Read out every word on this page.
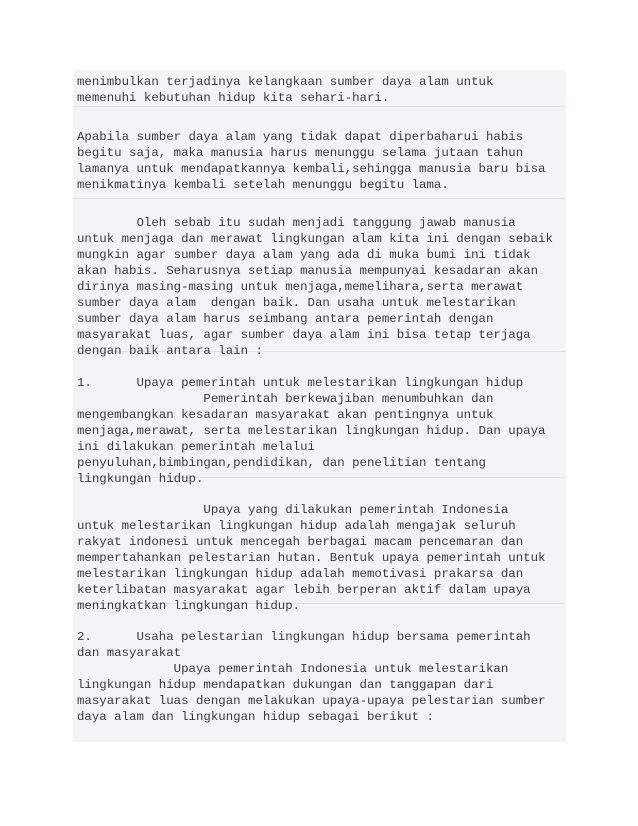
menimbulkan terjadinya kelangkaan sumber daya alam untuk

memenuhi kebutuhan hidup kita sehari-hari.

Apabila sumber daya alam yang tidak dapat diperbaharui habis

begitu saja, maka manusia harus menunggu selama jutaan tahun

lamanya untuk mendapatkannya kembali,sehingga manusia baru bisa

menikmatinya kembali setelah menunggu begitu lama.

Oleh sebab itu sudah menjadi tanggung jawab manusia

untuk menjaga dan merawat lingkungan alam kita ini dengan sebaik

mungkin agar sumber daya alam yang ada di muka bumi ini tidak

akan habis. Seharusnya setiap manusia mempunyai kesadaran akan

dirinya masing-masing untuk menjaga,memelihara,serta merawat

sumber daya alam  dengan baik. Dan usaha untuk melestarikan

sumber daya alam harus seimbang antara pemerintah dengan

masyarakat luas, agar sumber daya alam ini bisa tetap terjaga

dengan baik antara lain :

1.      Upaya pemerintah untuk melestarikan lingkungan hidup

Pemerintah berkewajiban menumbuhkan dan

mengembangkan kesadaran masyarakat akan pentingnya untuk

menjaga,merawat, serta melestarikan lingkungan hidup. Dan upaya

ini dilakukan pemerintah melalui

penyuluhan,bimbingan,pendidikan, dan penelitian tentang

lingkungan hidup.

Upaya yang dilakukan pemerintah Indonesia

untuk melestarikan lingkungan hidup adalah mengajak seluruh

rakyat indonesi untuk mencegah berbagai macam pencemaran dan

mempertahankan pelestarian hutan. Bentuk upaya pemerintah untuk

melestarikan lingkungan hidup adalah memotivasi prakarsa dan

keterlibatan masyarakat agar lebih berperan aktif dalam upaya

meningkatkan lingkungan hidup.

2.      Usaha pelestarian lingkungan hidup bersama pemerintah

dan masyarakat

Upaya pemerintah Indonesia untuk melestarikan

lingkungan hidup mendapatkan dukungan dan tanggapan dari

masyarakat luas dengan melakukan upaya-upaya pelestarian sumber

daya alam dan lingkungan hidup sebagai berikut :
